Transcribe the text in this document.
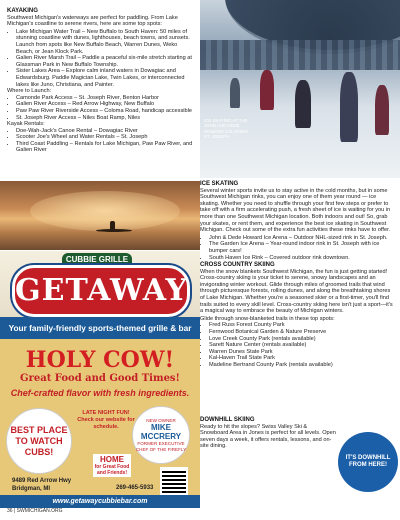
KAYAKING

Southwest Michigan's waterways are perfect for paddling. From Lake Michigan's coastline to serene rivers, here are some top spots:

• Lake Michigan Water Trail – New Buffalo to South Haven: 50 miles of stunning coastline with dunes, lighthouses, beach towns, and sunsets. Launch from spots like New Buffalo Beach, Warren Dunes, Weko Beach, or Jean Klock Park.
• Galien River Marsh Trail – Paddle a peaceful six-mile stretch starting at Glassman Park in New Buffalo Township.
• Sister Lakes Area – Explore calm inland waters in Dowagiac and Edwardsburg. Paddle Magician Lake, Twin Lakes, or interconnected lakes like Juno, Christiana, and Painter.

Where to Launch:

• Camonde Park Access – St. Joseph River, Benton Harbor
• Galien River Access – Red Arrow Highway, New Buffalo
• Paw Paw River Riverside Access – Coloma Road, handicap accessible
• St. Joseph River Access – Niles Boat Ramp, Niles

Kayak Rentals:

• Doe-Wah-Jack's Canoe Rental – Dowagiac River
• Scooter Joe's Wheel and Water Rentals – St. Joseph
• Third Coast Paddling – Rentals for Lake Michigan, Paw Paw River, and Galien River
ICE SKATING AT THE JOHN AND DEDE HOWARD ICE ARENA ST. JOSEPH
ICE SKATING

Several winter sports invite us to stay active in the cold months, but in some Southwest Michigan rinks, you can enjoy one of them year round — ice skating. Whether you need to shuffle through your first few steps or prefer to take off with a firm accelerating push, a fresh sheet of ice is waiting for you in more than one Southwest Michigan location. Both indoors and out! So, grab your skates, or rent them, and experience the best ice skating in Southwest Michigan. Check out some of the extra fun activities these rinks have to offer.

• John & Dede Howard Ice Arena – Outdoor NHL-sized rink in St. Joseph.
• The Garden Ice Arena – Year-round indoor rink in St. Joseph with ice bumper cars!
• South Haven Ice Rink – Covered outdoor rink downtown.
CROSS COUNTRY SKIING

When the snow blankets Southwest Michigan, the fun is just getting started! Cross-country skiing is your ticket to serene, snowy landscapes and an invigorating winter workout. Glide through miles of groomed trails that wind through picturesque forests, rolling dunes, and along the breathtaking shores of Lake Michigan. Whether you're a seasoned skier or a first-timer, you'll find trails suited to every skill level. Cross-country skiing here isn't just a sport—it's a magical way to embrace the beauty of Michigan winters.

Glide through snow-blanketed trails in these top spots:

• Fred Russ Forest County Park
• Fernwood Botanical Garden & Nature Preserve
• Love Creek County Park (rentals available)
• Sarett Nature Center (rentals available)
• Warren Dunes State Park
• Kal-Haven Trail State Park
• Madeline Bertrand County Park (rentals available)
DOWNHILL SKIING

Ready to hit the slopes? Swiss Valley Ski & Snowboard Area in Jones is perfect for all levels. Open seven days a week, it offers rentals, lessons, and on-site dining.

IT'S DOWNHILL FROM HERE!
CUBBIE GRILLE
GETAWAY
Your family-friendly sports-themed grille & bar
HOLY COW!
Great Food and Good Times!
Chef-crafted flavor with fresh ingredients.
BEST PLACE TO WATCH CUBS!
LATE NIGHT FUN! Check our website for schedule.
NEW OWNER
MIKE MCCRERY
FORMER EXECUTIVE CHEF OF THE FIREFLY
HOME
for Great Food and Friends!
9489 Red Arrow Hwy
Bridgman, MI	269-465-5933
www.getawaycubbiebar.com
36 | SWMICHIGAN.ORG
